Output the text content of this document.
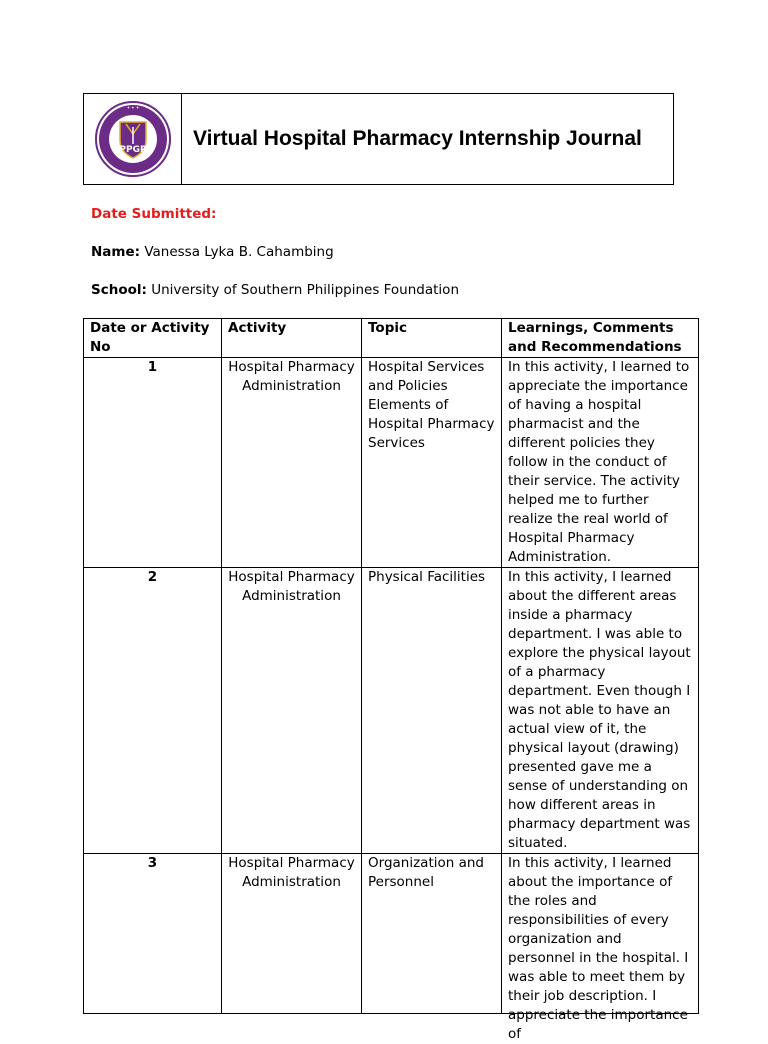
PPGP
✦ ✦ ✦
Virtual Hospital Pharmacy Internship Journal
Date Submitted:
Name: Vanessa Lyka B. Cahambing
School: University of Southern Philippines Foundation
Date or Activity No	Activity	Topic	Learnings, Comments and Recommendations
1	Hospital Pharmacy Administration	Hospital Services and Policies Elements of Hospital Pharmacy Services	In this activity, I learned to appreciate the importance of having a hospital pharmacist and the different policies they follow in the conduct of their service. The activity helped me to further realize the real world of Hospital Pharmacy Administration.
2	Hospital Pharmacy Administration	Physical Facilities	In this activity, I learned about the different areas inside a pharmacy department. I was able to explore the physical layout of a pharmacy department. Even though I was not able to have an actual view of it, the physical layout (drawing) presented gave me a sense of understanding on how different areas in pharmacy department was situated.
3	Hospital Pharmacy Administration	Organization and Personnel	In this activity, I learned about the importance of the roles and responsibilities of every organization and personnel in the hospital. I was able to meet them by their job description. I appreciate the importance of
